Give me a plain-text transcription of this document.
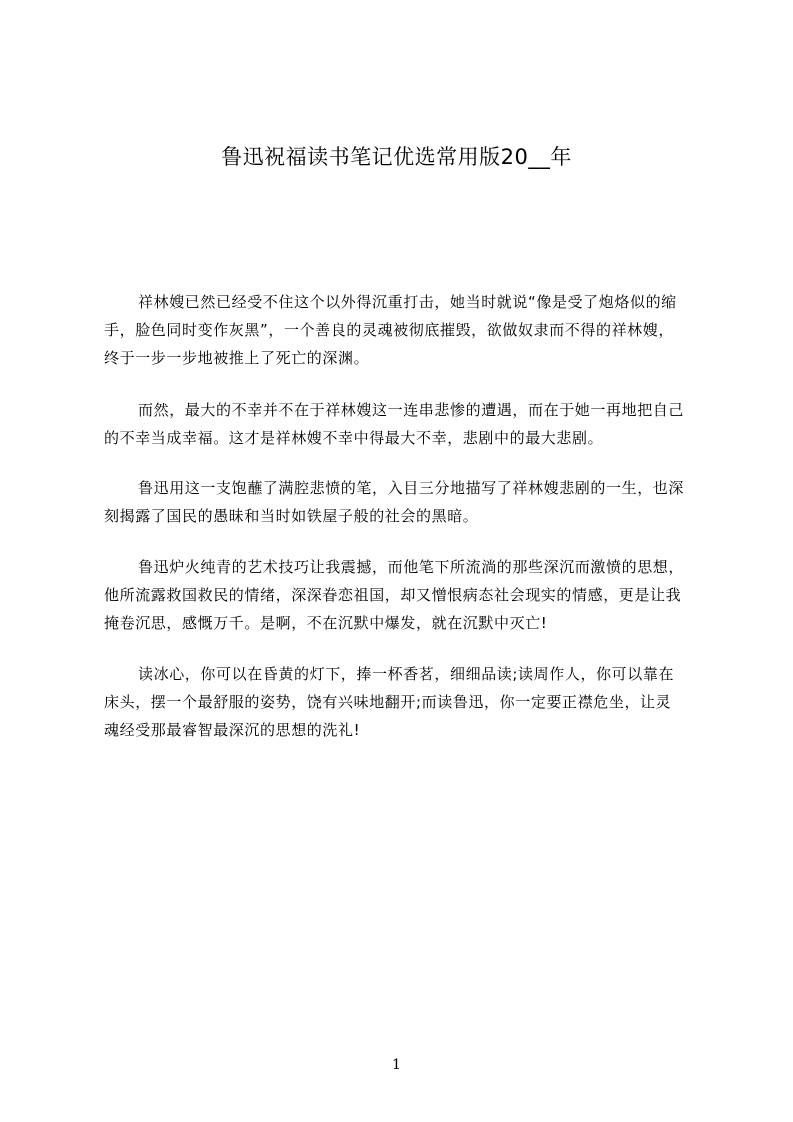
鲁迅祝福读书笔记优选常用版20__年
祥林嫂已然已经受不住这个以外得沉重打击，她当时就说“像是受了炮烙似的缩
手，脸色同时变作灰黑”，一个善良的灵魂被彻底摧毁，欲做奴隶而不得的祥林嫂，
终于一步一步地被推上了死亡的深渊。
而然，最大的不幸并不在于祥林嫂这一连串悲惨的遭遇，而在于她一再地把自己
的不幸当成幸福。这才是祥林嫂不幸中得最大不幸，悲剧中的最大悲剧。
鲁迅用这一支饱蘸了满腔悲愤的笔，入目三分地描写了祥林嫂悲剧的一生，也深
刻揭露了国民的愚昧和当时如铁屋子般的社会的黑暗。
鲁迅炉火纯青的艺术技巧让我震撼，而他笔下所流淌的那些深沉而激愤的思想，
他所流露救国救民的情绪，深深眷恋祖国，却又憎恨病态社会现实的情感，更是让我
掩卷沉思，感慨万千。是啊，不在沉默中爆发，就在沉默中灭亡!
读冰心，你可以在昏黄的灯下，捧一杯香茗，细细品读;读周作人，你可以靠在
床头，摆一个最舒服的姿势，饶有兴味地翻开;而读鲁迅，你一定要正襟危坐，让灵
魂经受那最睿智最深沉的思想的洗礼!
1
